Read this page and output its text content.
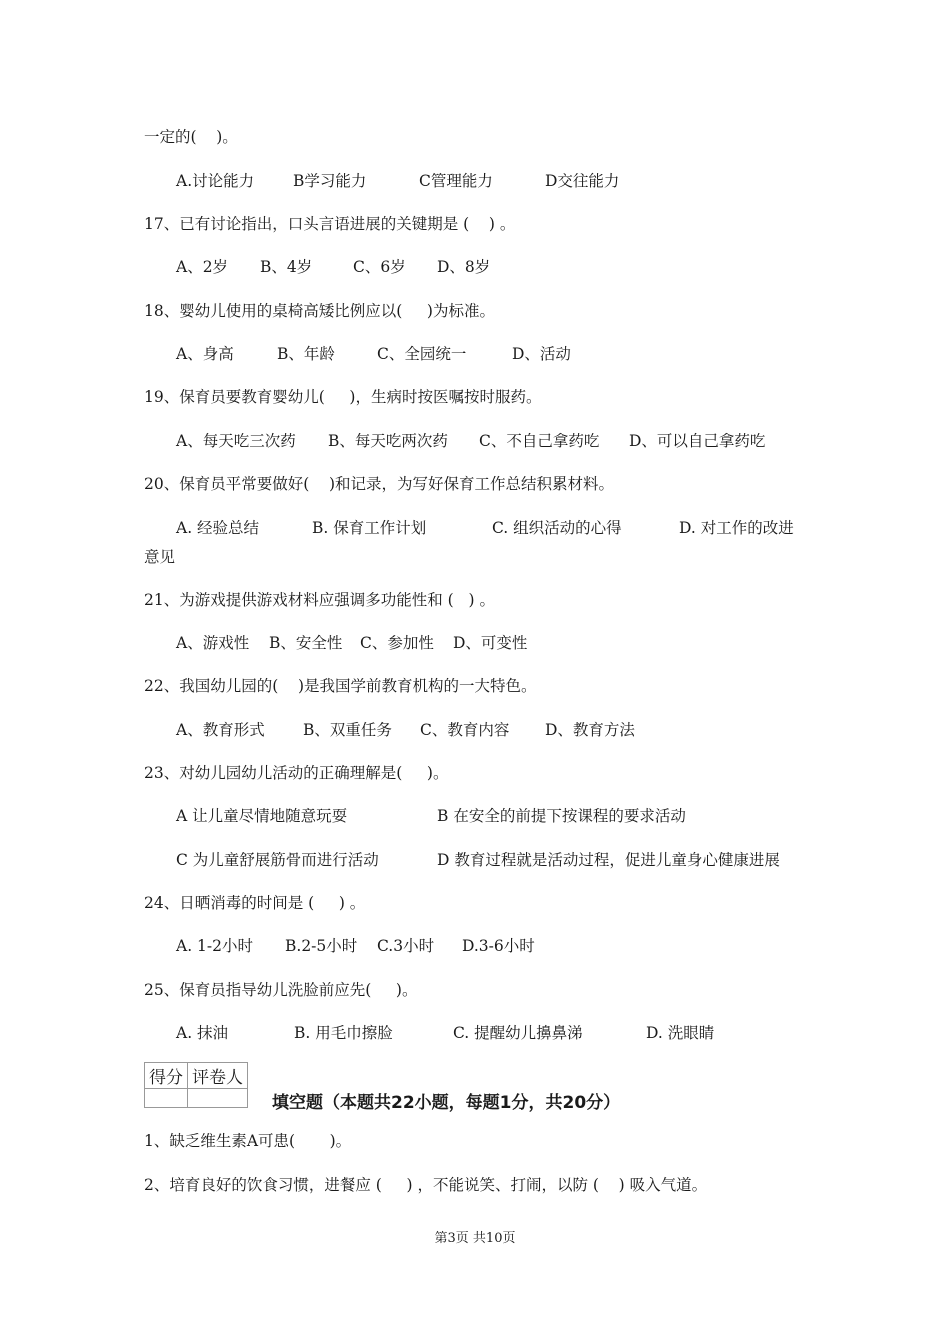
一定的(    )。

A.讨论能力

	B学习能力

	C管理能力

	D交往能力

17、已有讨论指出，口头言语进展的关键期是 (    ) 。

A、2岁

B、4岁

	C、6岁

D、8岁

18、婴幼儿使用的桌椅高矮比例应以(     )为标准。

A、身高

	B、年龄

	C、全园统一

	D、活动

19、保育员要教育婴幼儿(     )，生病时按医嘱按时服药。

A、每天吃三次药

B、每天吃两次药

C、不自己拿药吃

D、可以自己拿药吃

20、保育员平常要做好(    )和记录，为写好保育工作总结积累材料。

A. 经验总结

	B. 保育工作计划

	C. 组织活动的心得

	D. 对工作的改进

意见
21、为游戏提供游戏材料应强调多功能性和 (   ) 。

A、游戏性

B、安全性

C、参加性

D、可变性

22、我国幼儿园的(    )是我国学前教育机构的一大特色。

A、教育形式

B、双重任务

C、教育内容

D、教育方法

23、对幼儿园幼儿活动的正确理解是(     )。

A 让儿童尽情地随意玩耍

	B 在安全的前提下按课程的要求活动

C 为儿童舒展筋骨而进行活动

	D 教育过程就是活动过程，促进儿童身心健康进展

24、日晒消毒的时间是 (     ) 。

A. 1-2小时

B.2-5小时

C.3小时

D.3-6小时

25、保育员指导幼儿洗脸前应先(     )。

A. 抹油

	B. 用毛巾擦脸

	C. 提醒幼儿擤鼻涕

	D. 洗眼睛

得分	评卷人

填空题（本题共22小题，每题1分，共20分）
1、缺乏维生素A可患(       )。
2、培育良好的饮食习惯，进餐应 (     ) ，不能说笑、打闹，以防 (    ) 吸入气道。
第3页 共10页
